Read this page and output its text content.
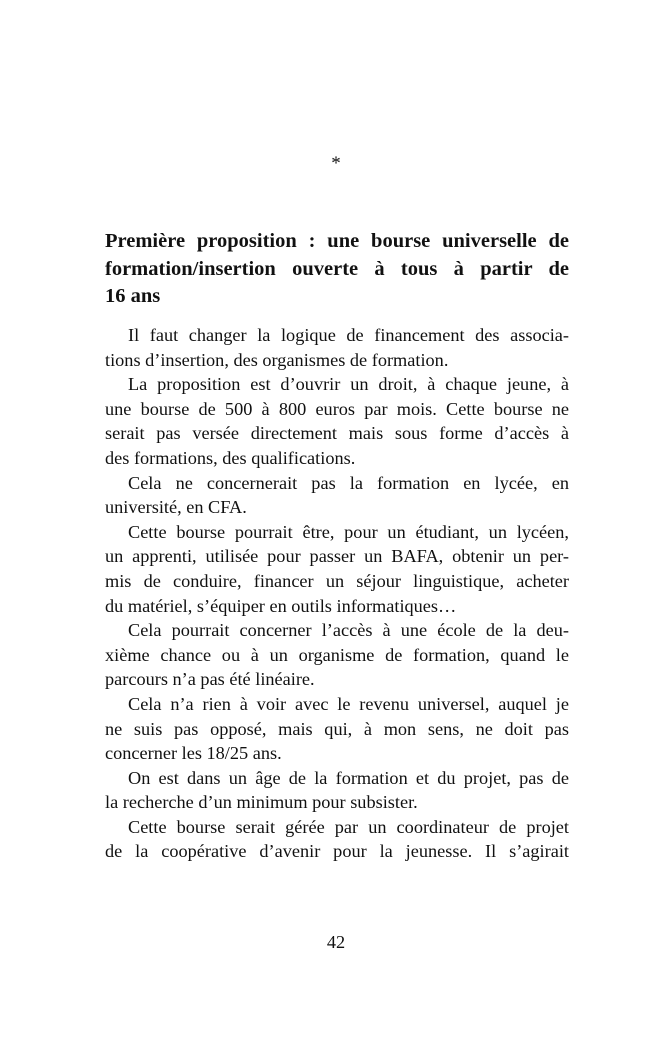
*
Première proposition : une bourse universelle de
formation/insertion ouverte à tous à partir de
16 ans
Il faut changer la logique de financement des associa-
tions d’insertion, des organismes de formation.
La proposition est d’ouvrir un droit, à chaque jeune, à
une bourse de 500 à 800 euros par mois. Cette bourse ne
serait pas versée directement mais sous forme d’accès à
des formations, des qualifications.
Cela ne concernerait pas la formation en lycée, en
université, en CFA.
Cette bourse pourrait être, pour un étudiant, un lycéen,
un apprenti, utilisée pour passer un BAFA, obtenir un per-
mis de conduire, financer un séjour linguistique, acheter
du matériel, s’équiper en outils informatiques…
Cela pourrait concerner l’accès à une école de la deu-
xième chance ou à un organisme de formation, quand le
parcours n’a pas été linéaire.
Cela n’a rien à voir avec le revenu universel, auquel je
ne suis pas opposé, mais qui, à mon sens, ne doit pas
concerner les 18/25 ans.
On est dans un âge de la formation et du projet, pas de
la recherche d’un minimum pour subsister.
Cette bourse serait gérée par un coordinateur de projet
de la coopérative d’avenir pour la jeunesse. Il s’agirait
42
